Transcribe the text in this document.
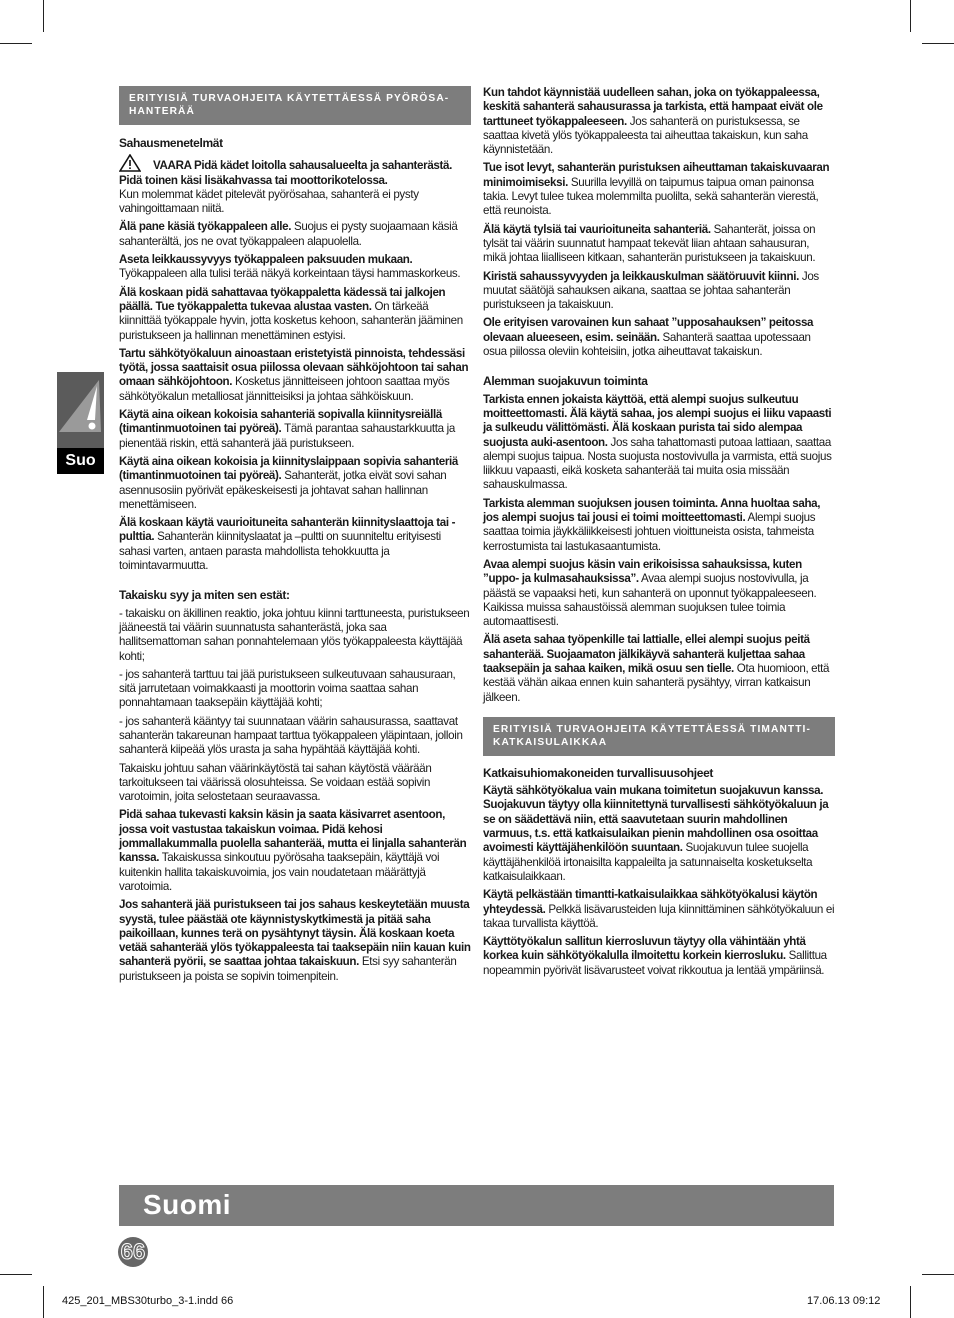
Suo
ERITYISIÄ TURVAOHJEITA KÄYTETTÄESSÄ PYÖRÖSAHANTERÄÄ
Sahausmenetelmät

VAARA Pidä kädet loitolla sahausalueelta ja sahanterästä. Pidä toinen käsi lisäkahvassa tai moottorikotelossa.
Kun molemmat kädet pitelevät pyörösahaa, sahanterä ei pysty vahingoittamaan niitä.

Älä pane käsiä työkappaleen alle. Suojus ei pysty suojaamaan käsiä sahanterältä, jos ne ovat työkappaleen alapuolella.

Aseta leikkaussyvyys työkappaleen paksuuden mukaan. Työkappaleen alla tulisi terää näkyä korkeintaan täysi hammaskorkeus.

Älä koskaan pidä sahattavaa työkappaletta kädessä tai jalkojen päällä. Tue työkappaletta tukevaa alustaa vasten. On tärkeää kiinnittää työkappale hyvin, jotta kosketus kehoon, sahanterän jääminen puristukseen ja hallinnan menettäminen estyisi.

Tartu sähkötyökaluun ainoastaan eristetyistä pinnoista, tehdessäsi työtä, jossa saattaisit osua piilossa olevaan sähköjohtoon tai sahan omaan sähköjohtoon. Kosketus jännitteiseen johtoon saattaa myös sähkötyökalun metalliosat jännitteisiksi ja johtaa sähköiskuun.

Käytä aina oikean kokoisia sahanteriä sopivalla kiinnitysreiällä (timantinmuotoinen tai pyöreä). Tämä parantaa sahaustarkkuutta ja pienentää riskin, että sahanterä jää puristukseen.

Käytä aina oikean kokoisia ja kiinnityslaippaan sopivia sahanteriä (timantinmuotoinen tai pyöreä). Sahanterät, jotka eivät sovi sahan asennusosiin pyörivät epäkeskeisesti ja johtavat sahan hallinnan menettämiseen.

Älä koskaan käytä vaurioituneita sahanterän kiinnityslaattoja tai -pulttia. Sahanterän kiinnityslaatat ja –pultti on suunniteltu erityisesti sahasi varten, antaen parasta mahdollista tehokkuutta ja toimintavarmuutta.

Takaisku syy ja miten sen estät:

- takaisku on äkillinen reaktio, joka johtuu kiinni tarttuneesta, puristukseen jääneestä tai väärin suunnatusta sahanterästä, joka saa hallitsemattoman sahan ponnahtelemaan ylös työkappaleesta käyttäjää kohti;

- jos sahanterä tarttuu tai jää puristukseen sulkeutuvaan sahausuraan, sitä jarrutetaan voimakkaasti ja moottorin voima saattaa sahan ponnahtamaan taaksepäin käyttäjää kohti;

- jos sahanterä kääntyy tai suunnataan väärin sahausurassa, saattavat sahanterän takareunan hampaat tarttua työkappaleen yläpintaan, jolloin sahanterä kiipeää ylös urasta ja saha hypähtää käyttäjää kohti.

Takaisku johtuu sahan väärinkäytöstä tai sahan käytöstä väärään tarkoitukseen tai väärissä olosuhteissa. Se voidaan estää sopivin varotoimin, joita selostetaan seuraavassa.

Pidä sahaa tukevasti kaksin käsin ja saata käsivarret asentoon, jossa voit vastustaa takaiskun voimaa. Pidä kehosi jommallakummalla puolella sahanterää, mutta ei linjalla sahanterän kanssa. Takaiskussa sinkoutuu pyörösaha taaksepäin, käyttäjä voi kuitenkin hallita takaiskuvoimia, jos vain noudatetaan määrättyjä varotoimia.

Jos sahanterä jää puristukseen tai jos sahaus keskeytetään muusta syystä, tulee päästää ote käynnistyskytkimestä ja pitää saha paikoillaan, kunnes terä on pysähtynyt täysin. Älä koskaan koeta vetää sahanterää ylös työkappaleesta tai taaksepäin niin kauan kuin sahanterä pyörii, se saattaa johtaa takaiskuun. Etsi syy sahanterän puristukseen ja poista se sopivin toimenpitein.

Kun tahdot käynnistää uudelleen sahan, joka on työkappaleessa, keskitä sahanterä sahausurassa ja tarkista, että hampaat eivät ole tarttuneet työkappaleeseen. Jos sahanterä on puristuksessa, se saattaa kivetä ylös työkappaleesta tai aiheuttaa takaiskun, kun saha käynnistetään.

Tue isot levyt, sahanterän puristuksen aiheuttaman takaiskuvaaran minimoimiseksi. Suurilla levyillä on taipumus taipua oman painonsa takia. Levyt tulee tukea molemmilta puolilta, sekä sahanterän vierestä, että reunoista.

Älä käytä tylsiä tai vaurioituneita sahanteriä. Sahanterät, joissa on tylsät tai väärin suunnatut hampaat tekevät liian ahtaan sahausuran, mikä johtaa liialliseen kitkaan, sahanterän puristukseen ja takaiskuun.

Kiristä sahaussyvyyden ja leikkauskulman säätöruuvit kiinni. Jos muutat säätöjä sahauksen aikana, saattaa se johtaa sahanterän puristukseen ja takaiskuun.

Ole erityisen varovainen kun sahaat ”upposahauksen” peitossa olevaan alueeseen, esim. seinään. Sahanterä saattaa upotessaan osua piilossa oleviin kohteisiin, jotka aiheuttavat takaiskun.

Alemman suojakuvun toiminta

Tarkista ennen jokaista käyttöä, että alempi suojus sulkeutuu moitteettomasti. Älä käytä sahaa, jos alempi suojus ei liiku vapaasti ja sulkeudu välittömästi. Älä koskaan purista tai sido alempaa suojusta auki-asentoon. Jos saha tahattomasti putoaa lattiaan, saattaa alempi suojus taipua. Nosta suojusta nostovivulla ja varmista, että suojus liikkuu vapaasti, eikä kosketa sahanterää tai muita osia missään sahauskulmassa.

Tarkista alemman suojuksen jousen toiminta. Anna huoltaa saha, jos alempi suojus tai jousi ei toimi moitteettomasti. Alempi suojus saattaa toimia jäykkäliikkeisesti johtuen vioittuneista osista, tahmeista kerrostumista tai lastukasaantumista.

Avaa alempi suojus käsin vain erikoisissa sahauksissa, kuten ”uppo- ja kulmasahauksissa”. Avaa alempi suojus nostovivulla, ja päästä se vapaaksi heti, kun sahanterä on uponnut työkappaleeseen. Kaikissa muissa sahaustöissä alemman suojuksen tulee toimia automaattisesti.

Älä aseta sahaa työpenkille tai lattialle, ellei alempi suojus peitä sahanterää. Suojaamaton jälkikäyvä sahanterä kuljettaa sahaa taaksepäin ja sahaa kaiken, mikä osuu sen tielle. Ota huomioon, että kestää vähän aikaa ennen kuin sahanterä pysähtyy, virran katkaisun jälkeen.

ERITYISIÄ TURVAOHJEITA KÄYTETTÄESSÄ TIMANTTIKATKAISULAIKKAA
Katkaisuhiomakoneiden turvallisuusohjeet

Käytä sähkötyökalua vain mukana toimitetun suojakuvun kanssa. Suojakuvun täytyy olla kiinnitettynä turvallisesti sähkötyökaluun ja se on säädettävä niin, että saavutetaan suurin mahdollinen varmuus, t.s. että katkaisulaikan pienin mahdollinen osa osoittaa avoimesti käyttäjähenkilöön suuntaan. Suojakuvun tulee suojella käyttäjähenkilöä irtonaisilta kappaleilta ja satunnaiselta kosketukselta katkaisulaikkaan.

Käytä pelkästään timantti-katkaisulaikkaa sähkötyökalusi käytön yhteydessä. Pelkkä lisävarusteiden luja kiinnittäminen sähkötyökaluun ei takaa turvallista käyttöä.

Käyttötyökalun sallitun kierrosluvun täytyy olla vähintään yhtä korkea kuin sähkötyökalulla ilmoitettu korkein kierrosluku. Sallittua nopeammin pyörivät lisävarusteet voivat rikkoutua ja lentää ympäriinsä.

Suomi
66
425_201_MBS30turbo_3-1.indd 66	17.06.13 09:12
